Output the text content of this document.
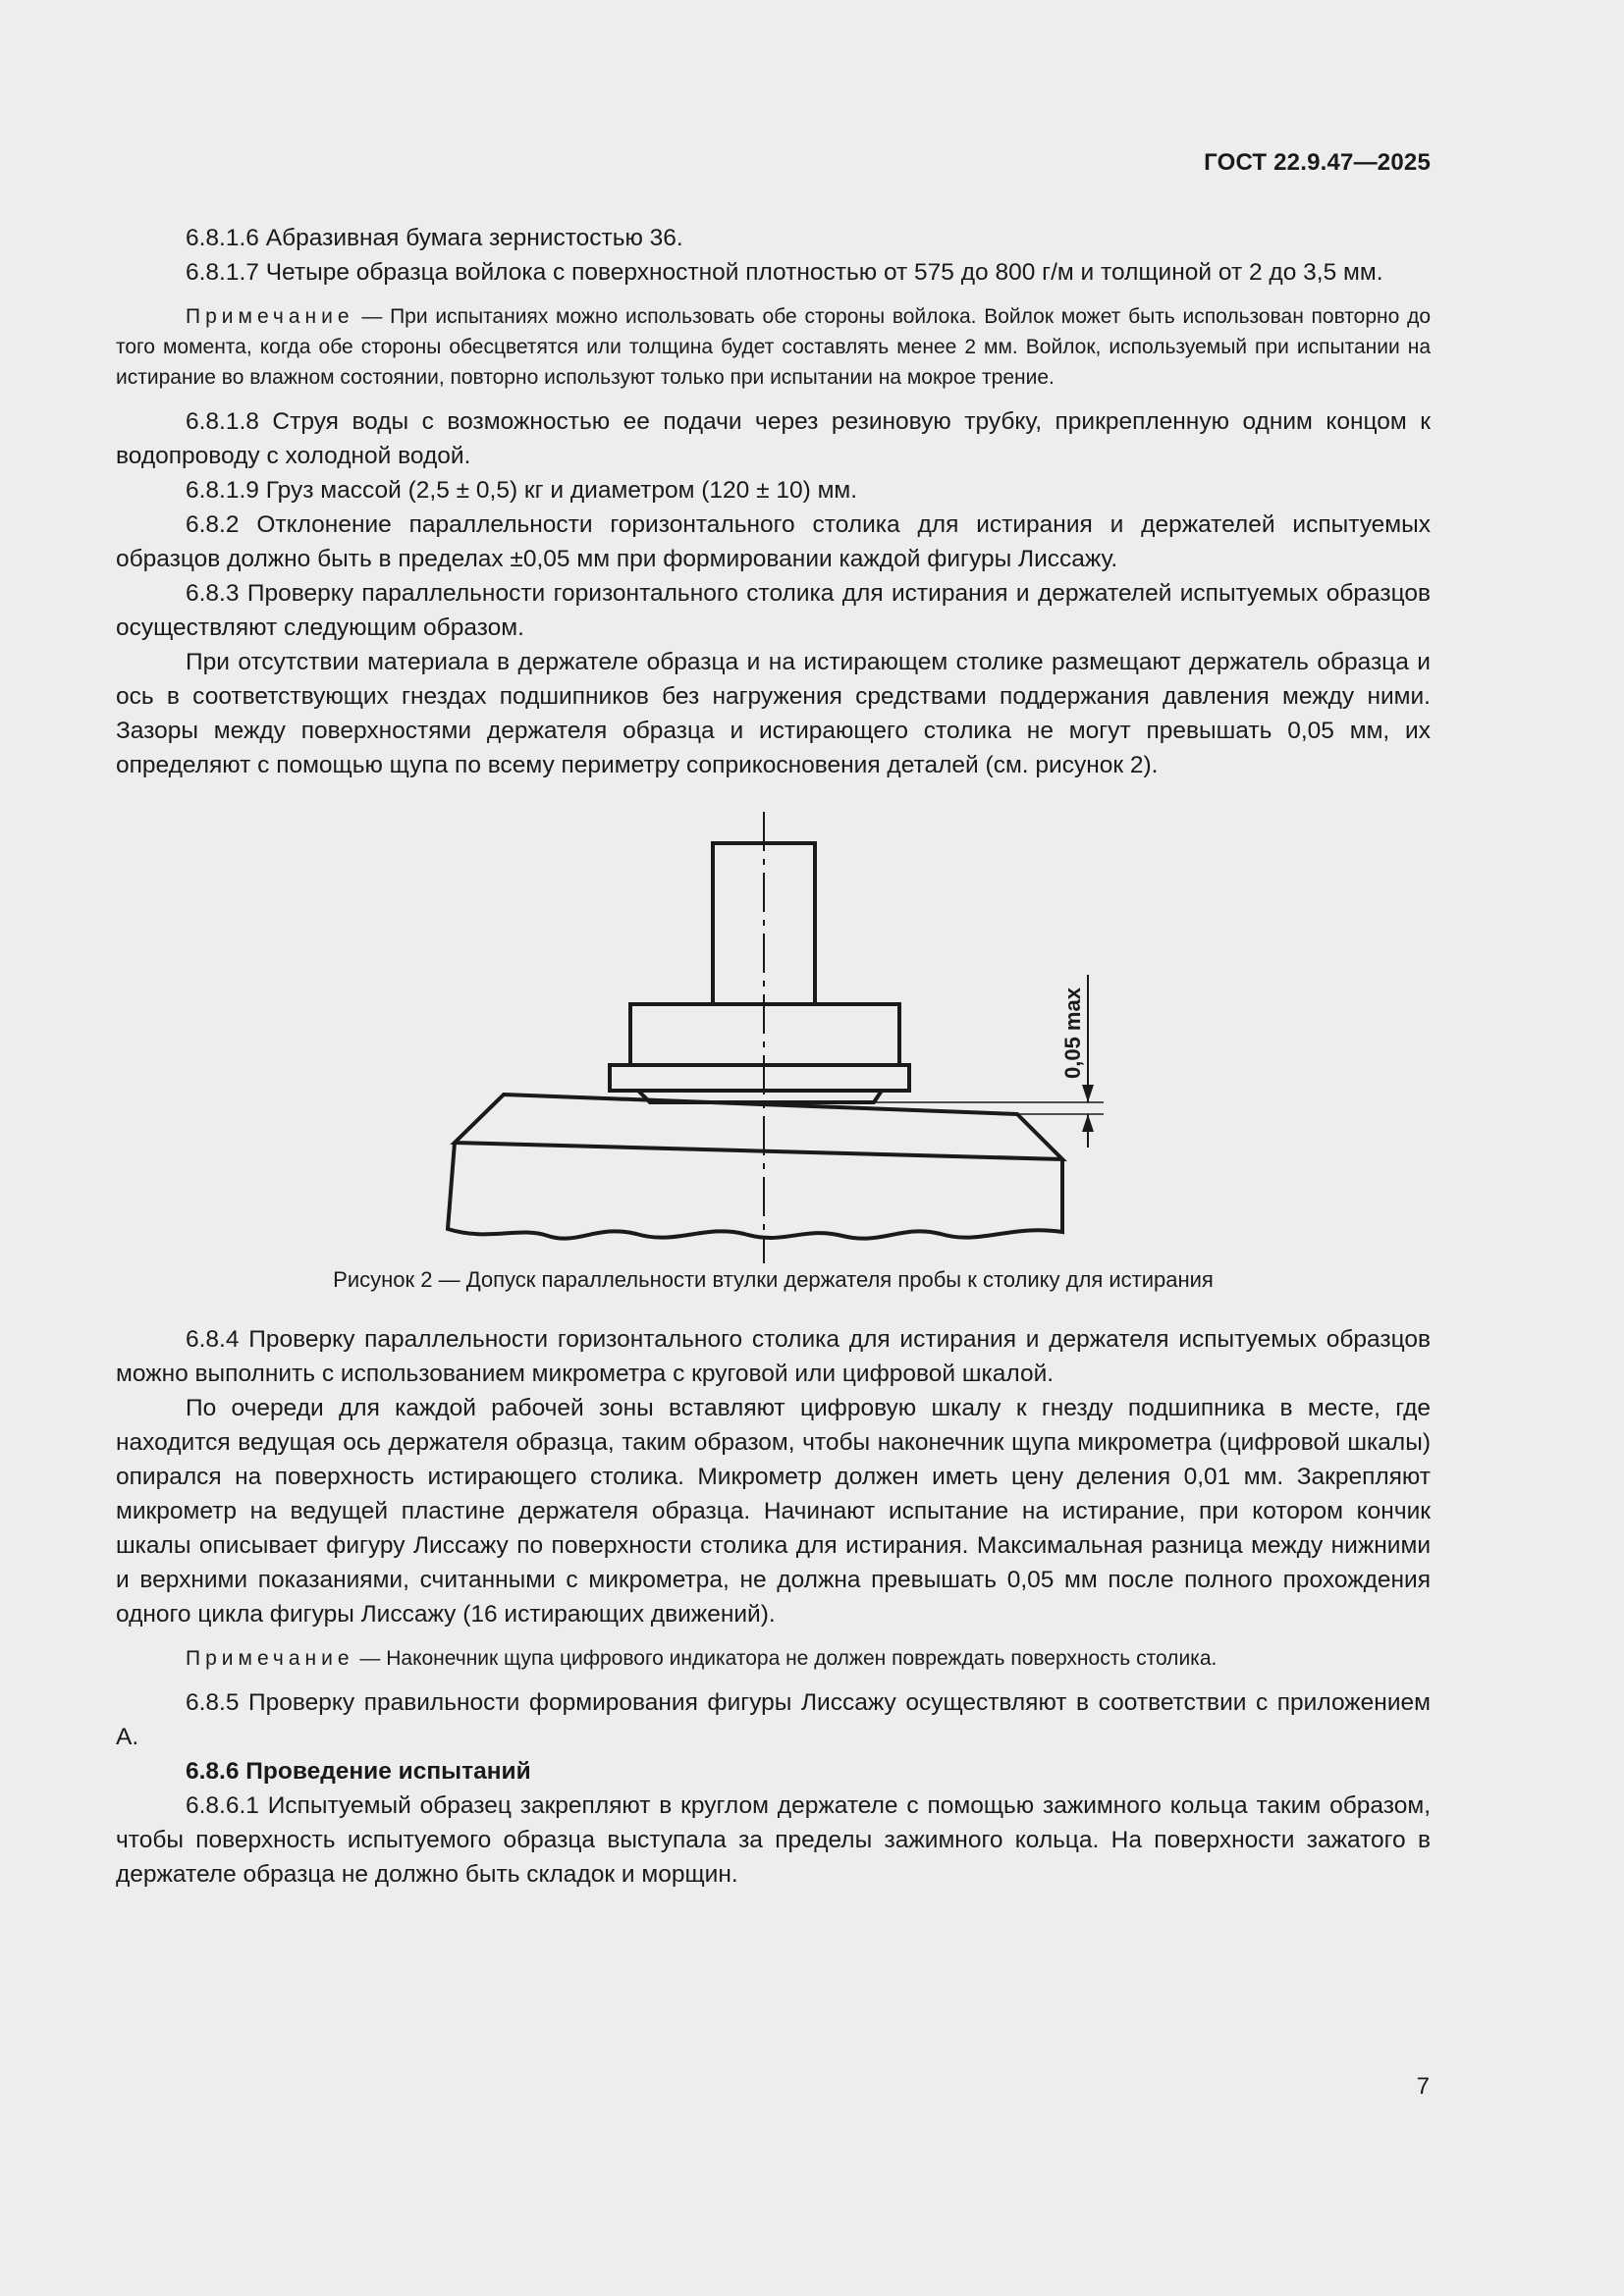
ГОСТ 22.9.47—2025

6.8.1.6 Абразивная бумага зернистостью 36.

6.8.1.7 Четыре образца войлока с поверхностной плотностью от 575 до 800 г/м и толщиной от 2 до 3,5 мм.

Примечание — При испытаниях можно использовать обе стороны войлока. Войлок может быть использован повторно до того момента, когда обе стороны обесцветятся или толщина будет составлять менее 2 мм. Войлок, используемый при испытании на истирание во влажном состоянии, повторно используют только при испытании на мокрое трение.

6.8.1.8 Струя воды с возможностью ее подачи через резиновую трубку, прикрепленную одним концом к водопроводу с холодной водой.

6.8.1.9 Груз массой (2,5 ± 0,5) кг и диаметром (120 ± 10) мм.

6.8.2 Отклонение параллельности горизонтального столика для истирания и держателей испытуемых образцов должно быть в пределах ±0,05 мм при формировании каждой фигуры Лиссажу.

6.8.3 Проверку параллельности горизонтального столика для истирания и держателей испытуемых образцов осуществляют следующим образом.

При отсутствии материала в держателе образца и на истирающем столике размещают держатель образца и ось в соответствующих гнездах подшипников без нагружения средствами поддержания давления между ними. Зазоры между поверхностями держателя образца и истирающего столика не могут превышать 0,05 мм, их определяют с помощью щупа по всему периметру соприкосновения деталей (см. рисунок 2).

0,05 max

Рисунок 2 — Допуск параллельности втулки держателя пробы к столику для истирания

6.8.4 Проверку параллельности горизонтального столика для истирания и держателя испытуемых образцов можно выполнить с использованием микрометра с круговой или цифровой шкалой.

По очереди для каждой рабочей зоны вставляют цифровую шкалу к гнезду подшипника в месте, где находится ведущая ось держателя образца, таким образом, чтобы наконечник щупа микрометра (цифровой шкалы) опирался на поверхность истирающего столика. Микрометр должен иметь цену деления 0,01 мм. Закрепляют микрометр на ведущей пластине держателя образца. Начинают испытание на истирание, при котором кончик шкалы описывает фигуру Лиссажу по поверхности столика для истирания. Максимальная разница между нижними и верхними показаниями, считанными с микрометра, не должна превышать 0,05 мм после полного прохождения одного цикла фигуры Лиссажу (16 истирающих движений).

Примечание — Наконечник щупа цифрового индикатора не должен повреждать поверхность столика.

6.8.5 Проверку правильности формирования фигуры Лиссажу осуществляют в соответствии с приложением А.

6.8.6 Проведение испытаний

6.8.6.1 Испытуемый образец закрепляют в круглом держателе с помощью зажимного кольца таким образом, чтобы поверхность испытуемого образца выступала за пределы зажимного кольца. На поверхности зажатого в держателе образца не должно быть складок и морщин.

7
